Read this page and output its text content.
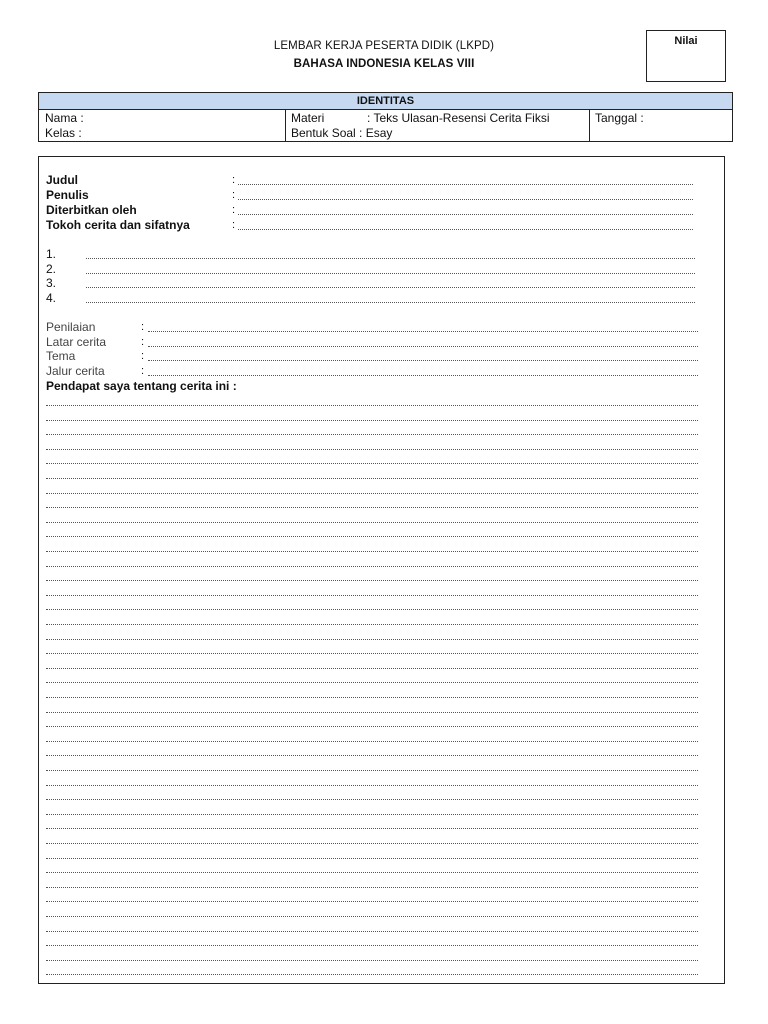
LEMBAR KERJA PESERTA DIDIK (LKPD)
BAHASA INDONESIA KELAS VIII
Nilai
IDENTITAS
Nama :
Kelas :
Materi	: Teks Ulasan-Resensi Cerita Fiksi
Bentuk Soal : Esay
Tanggal :
Judul	:
Penulis	:
Diterbitkan oleh	:
Tokoh cerita dan sifatnya	:
1.
2.
3.
4.
Penilaian	:
Latar cerita	:
Tema	:
Jalur cerita	:
Pendapat saya tentang cerita ini :
